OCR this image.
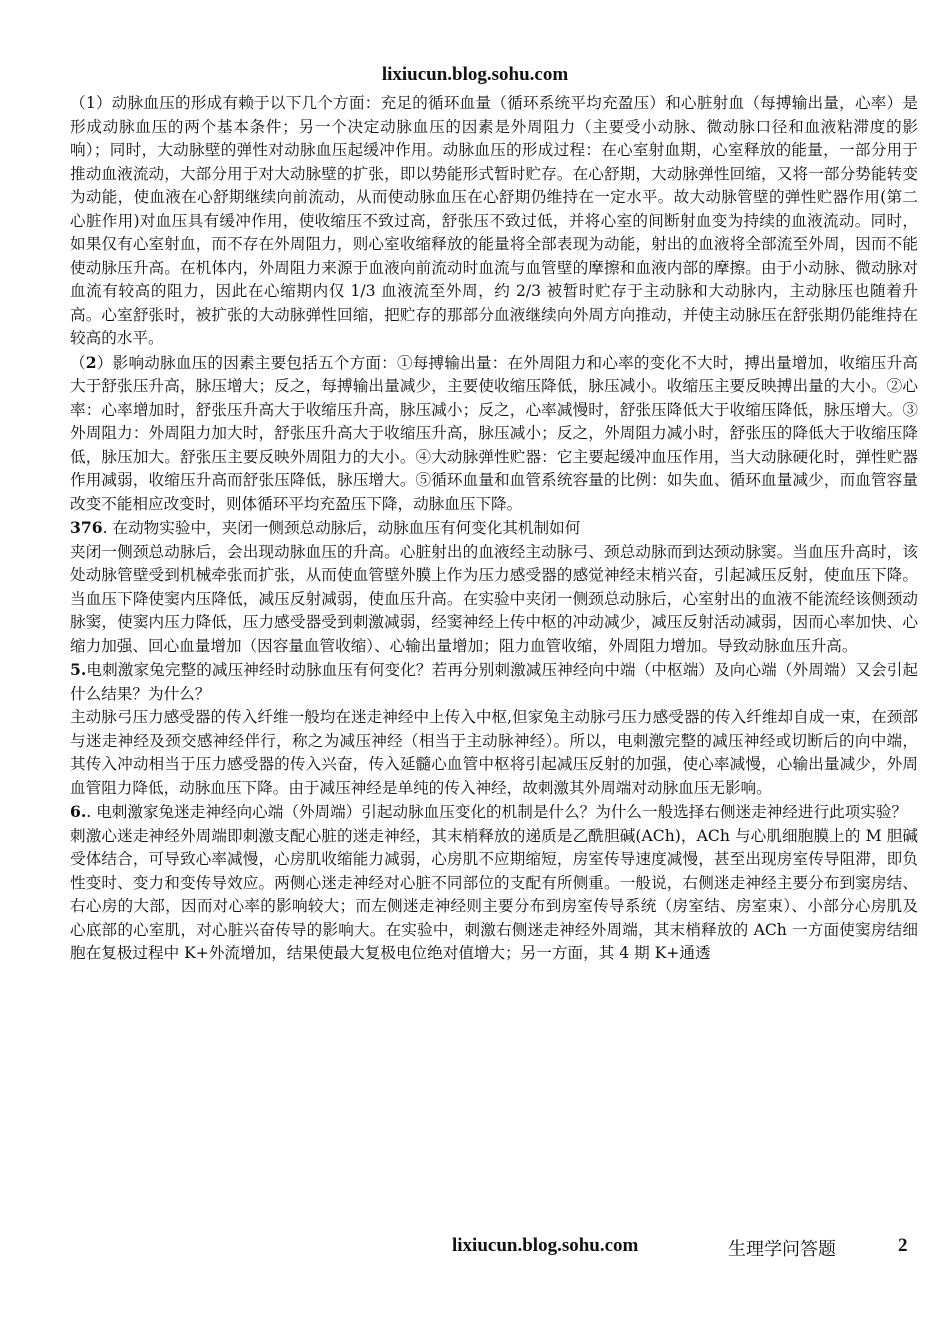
lixiucun.blog.sohu.com

（1）动脉血压的形成有赖于以下几个方面：充足的循环血量（循环系统平均充盈压）和心脏射血（每搏输出量，心率）是形成动脉血压的两个基本条件；另一个决定动脉血压的因素是外周阻力（主要受小动脉、微动脉口径和血液粘滞度的影响）；同时，大动脉壁的弹性对动脉血压起缓冲作用。动脉血压的形成过程：在心室射血期，心室释放的能量，一部分用于推动血液流动，大部分用于对大动脉壁的扩张，即以势能形式暂时贮存。在心舒期，大动脉弹性回缩，又将一部分势能转变为动能，使血液在心舒期继续向前流动，从而使动脉血压在心舒期仍维持在一定水平。故大动脉管壁的弹性贮器作用(第二心脏作用)对血压具有缓冲作用，使收缩压不致过高，舒张压不致过低，并将心室的间断射血变为持续的血液流动。同时，如果仅有心室射血，而不存在外周阻力，则心室收缩释放的能量将全部表现为动能，射出的血液将全部流至外周，因而不能使动脉压升高。在机体内，外周阻力来源于血液向前流动时血流与血管壁的摩擦和血液内部的摩擦。由于小动脉、微动脉对血流有较高的阻力，因此在心缩期内仅 1/3 血液流至外周，约 2/3 被暂时贮存于主动脉和大动脉内，主动脉压也随着升高。心室舒张时，被扩张的大动脉弹性回缩，把贮存的那部分血液继续向外周方向推动，并使主动脉压在舒张期仍能维持在较高的水平。

（2）影响动脉血压的因素主要包括五个方面：①每搏输出量：在外周阻力和心率的变化不大时，搏出量增加，收缩压升高大于舒张压升高，脉压增大；反之，每搏输出量减少，主要使收缩压降低，脉压减小。收缩压主要反映搏出量的大小。②心率：心率增加时，舒张压升高大于收缩压升高，脉压减小；反之，心率减慢时，舒张压降低大于收缩压降低，脉压增大。③外周阻力：外周阻力加大时，舒张压升高大于收缩压升高，脉压减小；反之，外周阻力减小时，舒张压的降低大于收缩压降低，脉压加大。舒张压主要反映外周阻力的大小。④大动脉弹性贮器：它主要起缓冲血压作用，当大动脉硬化时，弹性贮器作用减弱，收缩压升高而舒张压降低，脉压增大。⑤循环血量和血管系统容量的比例：如失血、循环血量减少，而血管容量改变不能相应改变时，则体循环平均充盈压下降，动脉血压下降。

376. 在动物实验中，夹闭一侧颈总动脉后，动脉血压有何变化其机制如何

夹闭一侧颈总动脉后，会出现动脉血压的升高。心脏射出的血液经主动脉弓、颈总动脉而到达颈动脉窦。当血压升高时，该处动脉管壁受到机械牵张而扩张，从而使血管壁外膜上作为压力感受器的感觉神经末梢兴奋，引起减压反射，使血压下降。当血压下降使窦内压降低，减压反射减弱，使血压升高。在实验中夹闭一侧颈总动脉后，心室射出的血液不能流经该侧颈动脉窦，使窦内压力降低，压力感受器受到刺激减弱，经窦神经上传中枢的冲动减少，减压反射活动减弱，因而心率加快、心缩力加强、回心血量增加（因容量血管收缩）、心输出量增加；阻力血管收缩，外周阻力增加。导致动脉血压升高。

5.电刺激家兔完整的减压神经时动脉血压有何变化？若再分别刺激减压神经向中端（中枢端）及向心端（外周端）又会引起什么结果？为什么？

主动脉弓压力感受器的传入纤维一般均在迷走神经中上传入中枢,但家兔主动脉弓压力感受器的传入纤维却自成一束，在颈部与迷走神经及颈交感神经伴行，称之为减压神经（相当于主动脉神经）。所以，电刺激完整的减压神经或切断后的向中端，其传入冲动相当于压力感受器的传入兴奋，传入延髓心血管中枢将引起减压反射的加强，使心率减慢，心输出量减少，外周血管阻力降低，动脉血压下降。由于减压神经是单纯的传入神经，故刺激其外周端对动脉血压无影响。

6.. 电刺激家兔迷走神经向心端（外周端）引起动脉血压变化的机制是什么？为什么一般选择右侧迷走神经进行此项实验？

刺激心迷走神经外周端即刺激支配心脏的迷走神经，其末梢释放的递质是乙酰胆碱(ACh)，ACh 与心肌细胞膜上的 M 胆碱受体结合，可导致心率减慢，心房肌收缩能力减弱，心房肌不应期缩短，房室传导速度减慢，甚至出现房室传导阻滞，即负性变时、变力和变传导效应。两侧心迷走神经对心脏不同部位的支配有所侧重。一般说，右侧迷走神经主要分布到窦房结、右心房的大部，因而对心率的影响较大；而左侧迷走神经则主要分布到房室传导系统（房室结、房室束）、小部分心房肌及心底部的心室肌，对心脏兴奋传导的影响大。在实验中，刺激右侧迷走神经外周端，其末梢释放的 ACh 一方面使窦房结细胞在复极过程中 K+外流增加，结果使最大复极电位绝对值增大；另一方面，其 4 期 K+通透

lixiucun.blog.sohu.com	生理学问答题	2
